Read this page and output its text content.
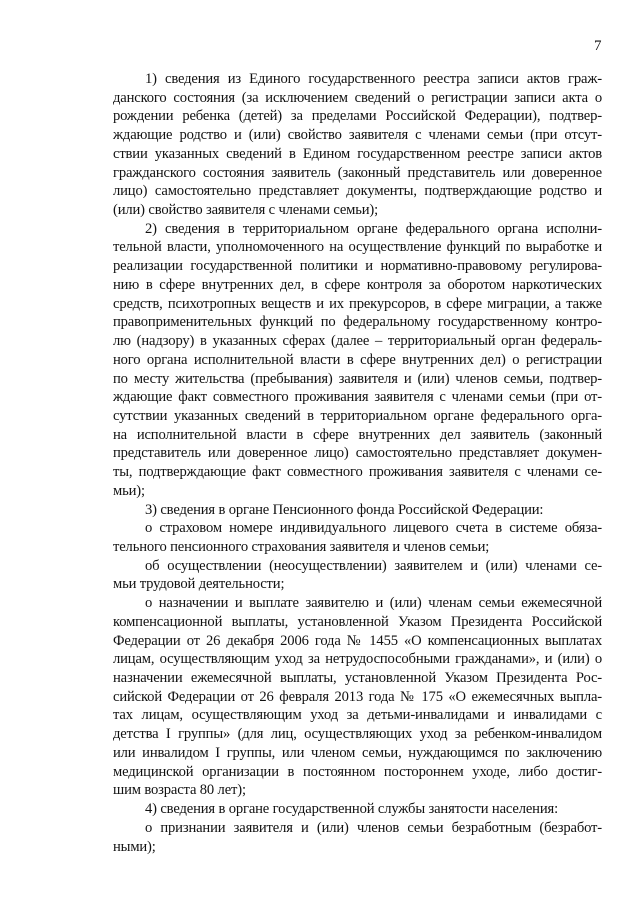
7
1) сведения из Единого государственного реестра записи актов граж-
данского состояния (за исключением сведений о регистрации записи акта о
рождении ребенка (детей) за пределами Российской Федерации), подтвер-
ждающие родство и (или) свойство заявителя с членами семьи (при отсут-
ствии указанных сведений в Едином государственном реестре записи актов
гражданского состояния заявитель (законный представитель или доверенное
лицо) самостоятельно представляет документы, подтверждающие родство и
(или) свойство заявителя с членами семьи);
2) сведения в территориальном органе федерального органа исполни-
тельной власти, уполномоченного на осуществление функций по выработке и
реализации государственной политики и нормативно-правовому регулирова-
нию в сфере внутренних дел, в сфере контроля за оборотом наркотических
средств, психотропных веществ и их прекурсоров, в сфере миграции, а также
правоприменительных функций по федеральному государственному контро-
лю (надзору) в указанных сферах (далее – территориальный орган федераль-
ного органа исполнительной власти в сфере внутренних дел) о регистрации
по месту жительства (пребывания) заявителя и (или) членов семьи, подтвер-
ждающие факт совместного проживания заявителя с членами семьи (при от-
сутствии указанных сведений в территориальном органе федерального орга-
на исполнительной власти в сфере внутренних дел заявитель (законный
представитель или доверенное лицо) самостоятельно представляет докумен-
ты, подтверждающие факт совместного проживания заявителя с членами се-
мьи);
3) сведения в органе Пенсионного фонда Российской Федерации:
о страховом номере индивидуального лицевого счета в системе обяза-
тельного пенсионного страхования заявителя и членов семьи;
об осуществлении (неосуществлении) заявителем и (или) членами се-
мьи трудовой деятельности;
о назначении и выплате заявителю и (или) членам семьи ежемесячной
компенсационной выплаты, установленной Указом Президента Российской
Федерации от 26 декабря 2006 года № 1455 «О компенсационных выплатах
лицам, осуществляющим уход за нетрудоспособными гражданами», и (или) о
назначении ежемесячной выплаты, установленной Указом Президента Рос-
сийской Федерации от 26 февраля 2013 года № 175 «О ежемесячных выпла-
тах лицам, осуществляющим уход за детьми-инвалидами и инвалидами с
детства I группы» (для лиц, осуществляющих уход за ребенком-инвалидом
или инвалидом I группы, или членом семьи, нуждающимся по заключению
медицинской организации в постоянном постороннем уходе, либо достиг-
шим возраста 80 лет);
4) сведения в органе государственной службы занятости населения:
о признании заявителя и (или) членов семьи безработным (безработ-
ными);
